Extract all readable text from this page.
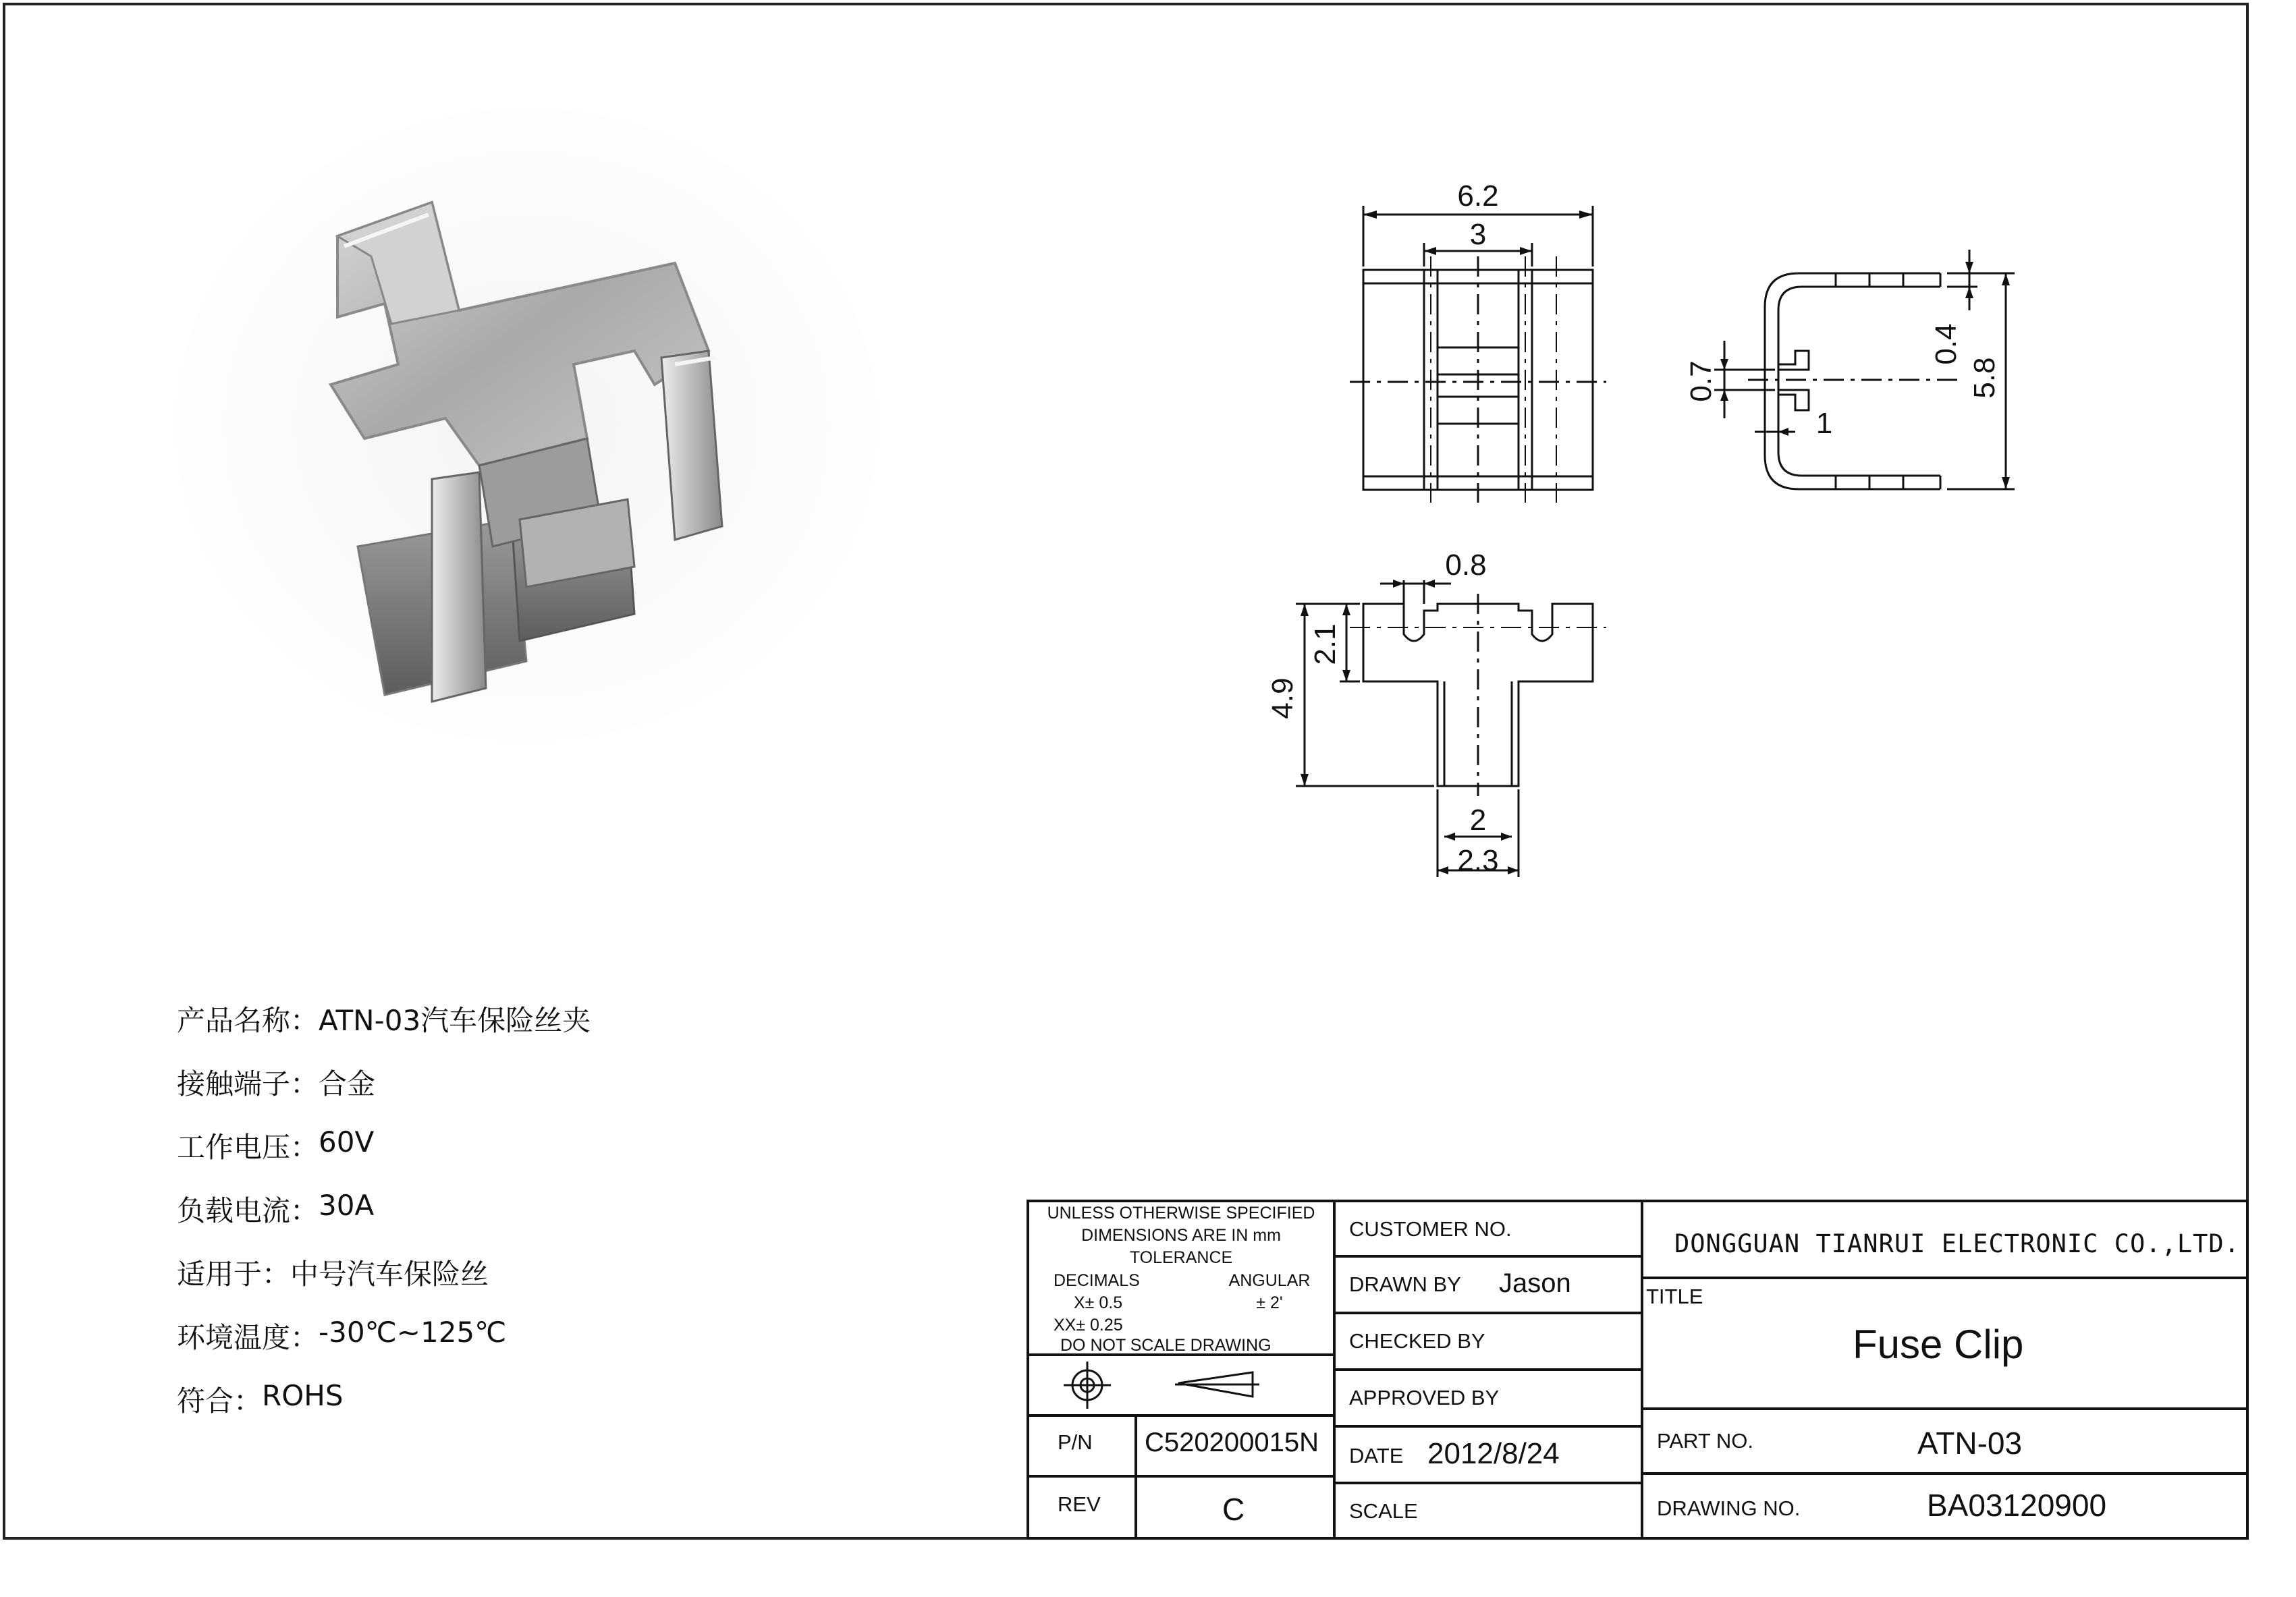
6.2
3
0.8
2
2.3
1
0.4
5.8
0.7
4.9
2.1
产品名称 ： ATN-03汽车保险丝夹
接触端子 ： 合金
工作电压 ： 60V
负载电流 ： 30A
适用于 ： 中号汽车保险丝
环境温度 ： -30℃~125℃
符合 ： ROHS
UNLESS OTHERWISE SPECIFIED
DIMENSIONS ARE IN mm
TOLERANCE
DECIMALS
X± 0.5
XX± 0.25
ANGULAR
± 2'
DO NOT SCALE DRAWING
P/N C520200015N
REV	C
CUSTOMER NO.
DRAWN BY Jason
CHECKED BY
APPROVED BY
DATE 2012/8/24
SCALE
DONGGUAN TIANRUI ELECTRONIC CO.,LTD.
TITLE
Fuse Clip
PART NO.	ATN-03
DRAWING NO.	BA03120900
